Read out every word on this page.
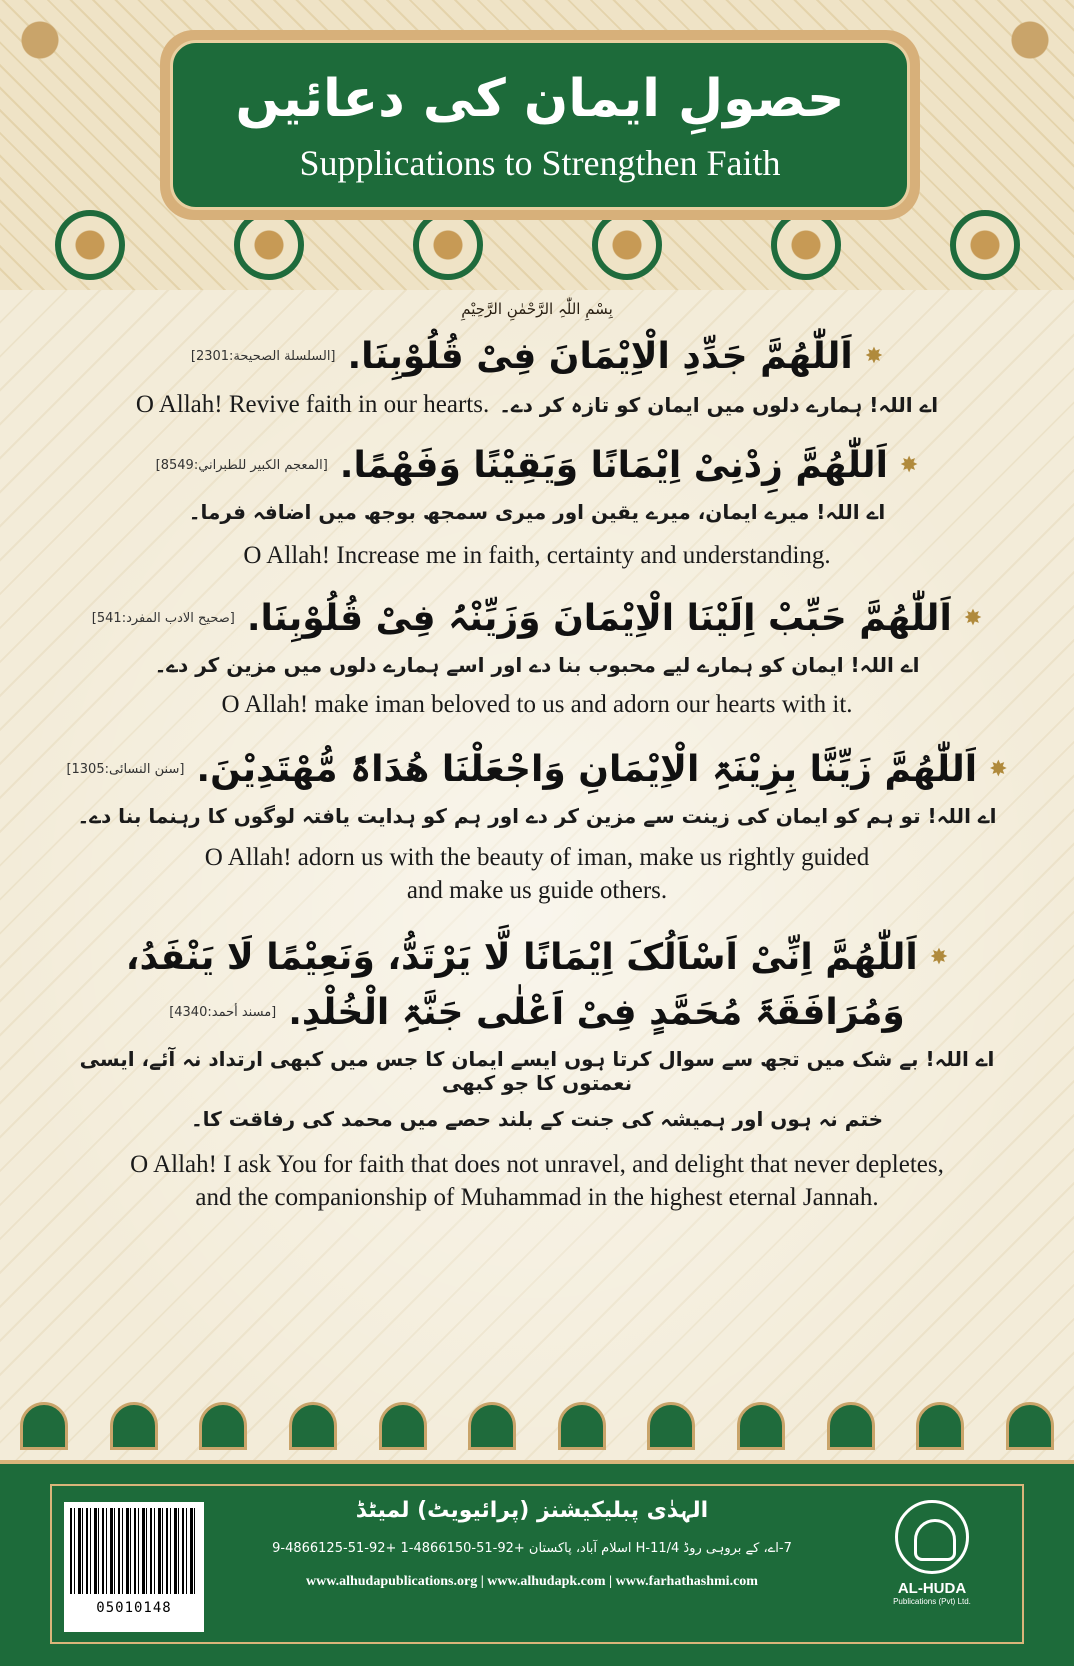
حصولِ ایمان کی دعائیں
Supplications to Strengthen Faith
بِسْمِ اللّٰہِ الرَّحْمٰنِ الرَّحِیْمِ
✸
اَللّٰھُمَّ جَدِّدِ الْاِیْمَانَ فِیْ قُلُوْبِنَا.
[السلسلة الصحيحة:2301]
اے اللہ! ہمارے دلوں میں ایمان کو تازہ کر دے۔
O Allah! Revive faith in our hearts.
✸
اَللّٰھُمَّ زِدْنِیْ اِیْمَانًا وَیَقِیْنًا وَفَھْمًا.
[المعجم الكبير للطبراني:8549]
اے اللہ! میرے ایمان، میرے یقین اور میری سمجھ بوجھ میں اضافہ فرما۔
O Allah! Increase me in faith, certainty and understanding.
✸
اَللّٰھُمَّ حَبِّبْ اِلَیْنَا الْاِیْمَانَ وَزَیِّنْہُ فِیْ قُلُوْبِنَا.
[صحيح الادب المفرد:541]
اے اللہ! ایمان کو ہمارے لیے محبوب بنا دے اور اسے ہمارے دلوں میں مزین کر دے۔
O Allah! make iman beloved to us and adorn our hearts with it.
✸
اَللّٰھُمَّ زَیِّنَّا بِزِیْنَۃِ الْاِیْمَانِ وَاجْعَلْنَا ھُدَاۃً مُّھْتَدِیْنَ.
[سنن النسائی:1305]
اے اللہ! تو ہم کو ایمان کی زینت سے مزین کر دے اور ہم کو ہدایت یافتہ لوگوں کا رہنما بنا دے۔
O Allah! adorn us with the beauty of iman, make us rightly guided
and make us guide others.
✸
اَللّٰھُمَّ اِنِّیْ اَسْاَلُکَ اِیْمَانًا لَّا یَرْتَدُّ، وَنَعِیْمًا لَا یَنْفَدُ،
وَمُرَافَقَۃَ مُحَمَّدٍ فِیْ اَعْلٰی جَنَّۃِ الْخُلْدِ.
[مسند أحمد:4340]
اے اللہ! بے شک میں تجھ سے سوال کرتا ہوں ایسے ایمان کا جس میں کبھی ارتداد نہ آئے، ایسی نعمتوں کا جو کبھی
ختم نہ ہوں اور ہمیشہ کی جنت کے بلند حصے میں محمد کی رفاقت کا۔
O Allah! I ask You for faith that does not unravel, and delight that never depletes,
and the companionship of Muhammad in the highest eternal Jannah.
05010148
الہدٰی پبلیکیشنز (پرائیویٹ) لمیٹڈ
7-اے، کے بروہی روڈ H-11/4 اسلام آباد، پاکستان +92-51-4866150-1 +92-51-4866125-9
www.alhudapublications.org | www.alhudapk.com | www.farhathashmi.com	AL-HUDA
Publications (Pvt) Ltd.
